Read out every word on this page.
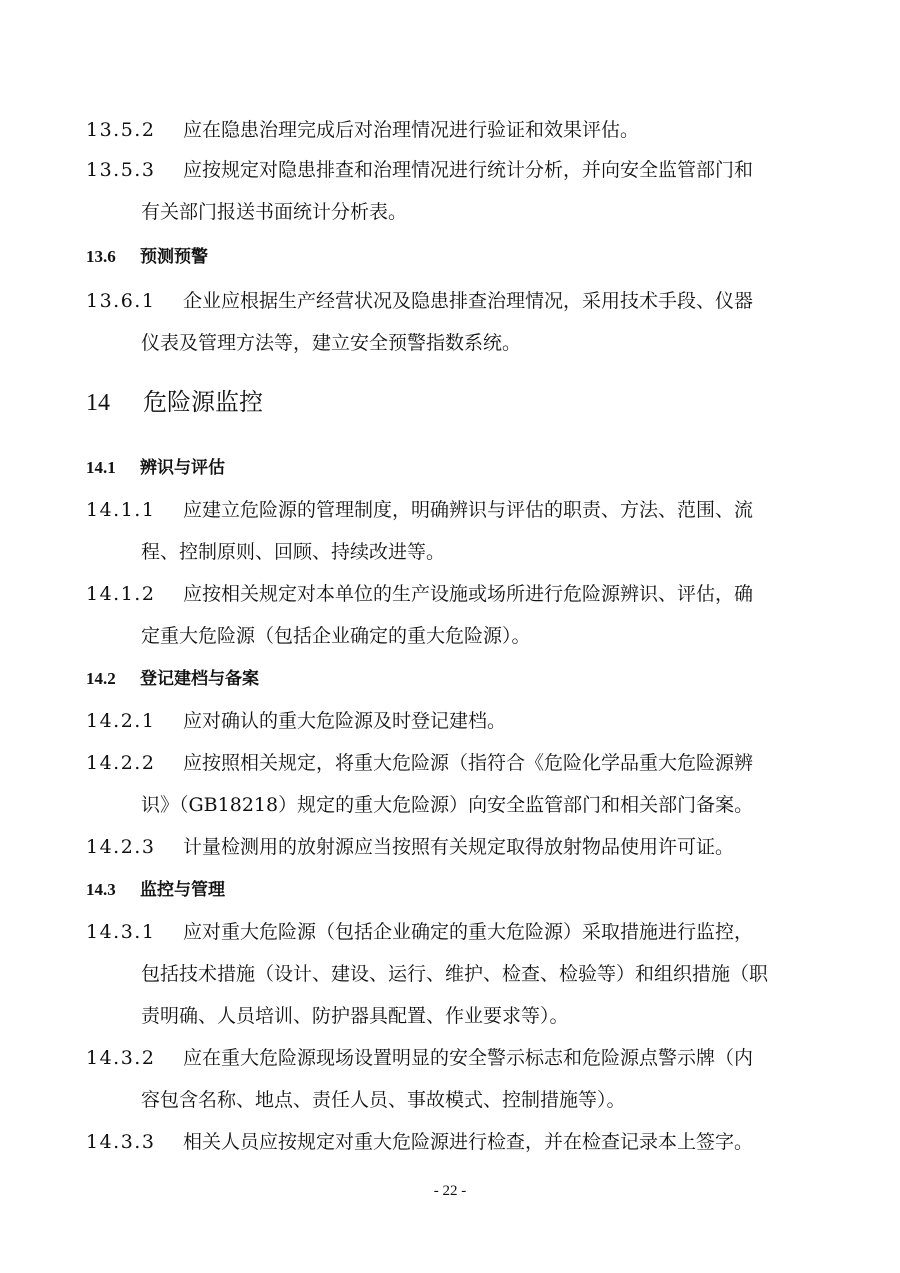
13.5.2 应在隐患治理完成后对治理情况进行验证和效果评估。
13.5.3 应按规定对隐患排查和治理情况进行统计分析，并向安全监管部门和
有关部门报送书面统计分析表。
13.6 预测预警
13.6.1 企业应根据生产经营状况及隐患排查治理情况，采用技术手段、仪器
仪表及管理方法等，建立安全预警指数系统。
14 危险源监控
14.1 辨识与评估
14.1.1 应建立危险源的管理制度，明确辨识与评估的职责、方法、范围、流
程、控制原则、回顾、持续改进等。
14.1.2 应按相关规定对本单位的生产设施或场所进行危险源辨识、评估，确
定重大危险源（包括企业确定的重大危险源）。
14.2 登记建档与备案
14.2.1 应对确认的重大危险源及时登记建档。
14.2.2 应按照相关规定，将重大危险源（指符合《危险化学品重大危险源辨
识》（GB18218）规定的重大危险源）向安全监管部门和相关部门备案。
14.2.3 计量检测用的放射源应当按照有关规定取得放射物品使用许可证。
14.3 监控与管理
14.3.1 应对重大危险源（包括企业确定的重大危险源）采取措施进行监控，
包括技术措施（设计、建设、运行、维护、检查、检验等）和组织措施（职
责明确、人员培训、防护器具配置、作业要求等）。
14.3.2 应在重大危险源现场设置明显的安全警示标志和危险源点警示牌（内
容包含名称、地点、责任人员、事故模式、控制措施等）。
14.3.3 相关人员应按规定对重大危险源进行检查，并在检查记录本上签字。
- 22 -
